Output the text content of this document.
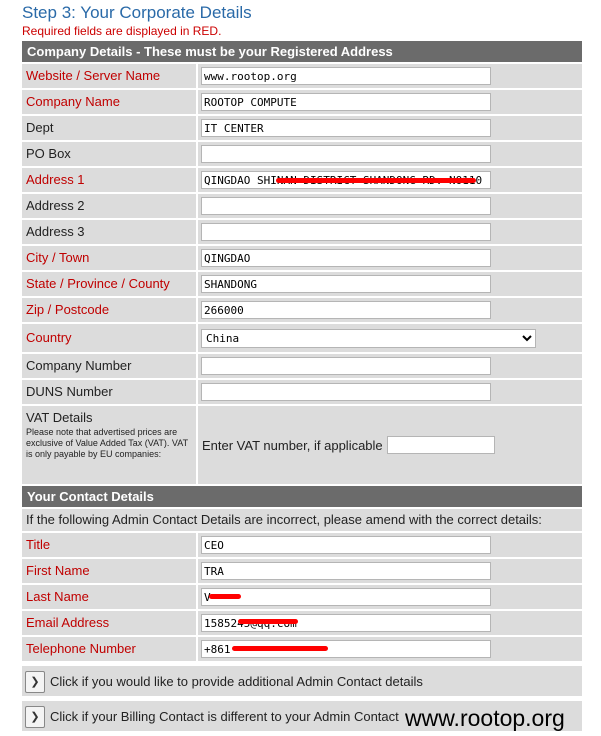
Step 3: Your Corporate Details
Required fields are displayed in RED.
Company Details - These must be your Registered Address
Website / Server Name
www.rootop.org
Company Name
ROOTOP COMPUTE
Dept
IT CENTER
PO Box
Address 1
QINGDAO SHINAN DISTRICT SHANDONG RD. NO110
Address 2
Address 3
City / Town
QINGDAO
State / Province / County
SHANDONG
Zip / Postcode
266000
Country
China
Company Number
DUNS Number
VAT Details
Please note that advertised prices are exclusive of Value Added Tax (VAT). VAT is only payable by EU companies:
Enter VAT number, if applicable
Your Contact Details
If the following Admin Contact Details are incorrect, please amend with the correct details:
Title
CEO
First Name
TRA
Last Name
V
Email Address
1585245@qq.com
Telephone Number
+861
❯ Click if you would like to provide additional Admin Contact details
❯ Click if your Billing Contact is different to your Admin Contact www.rootop.org
